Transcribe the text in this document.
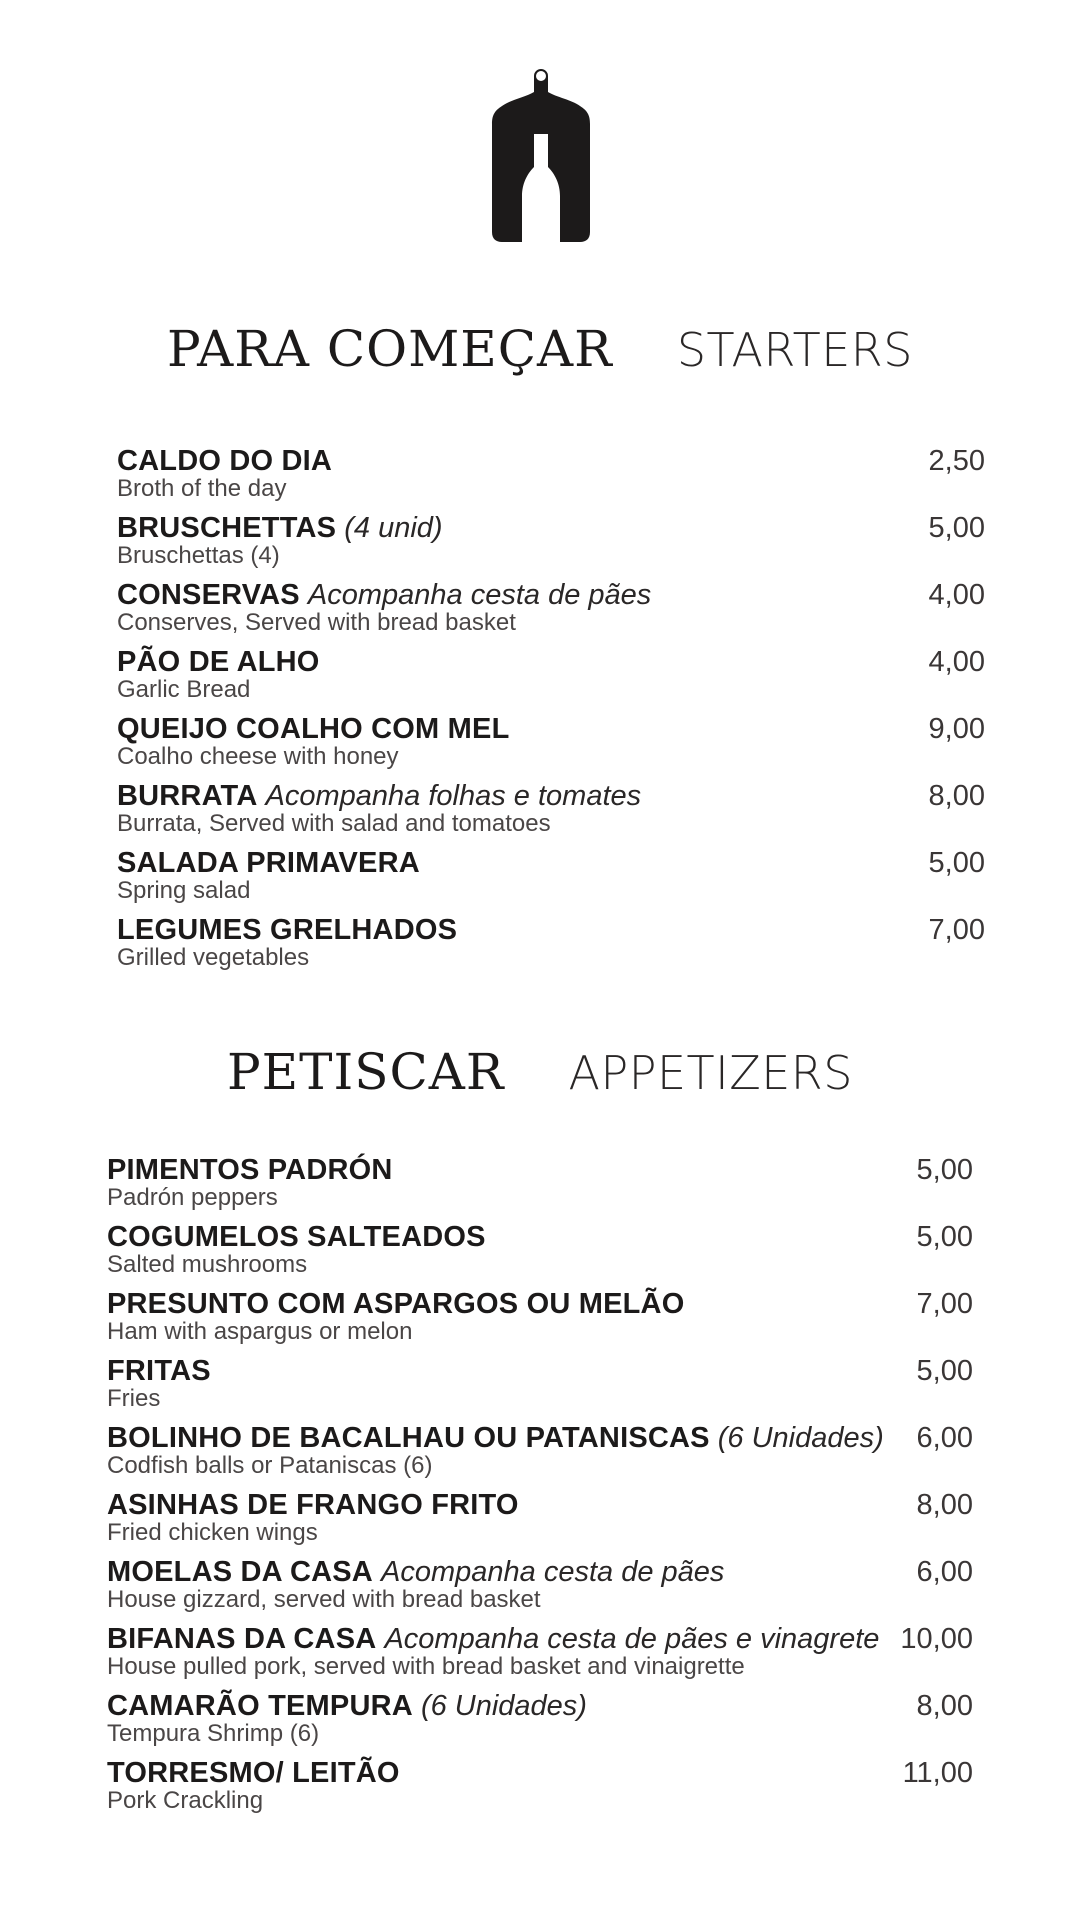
PARA COMEÇAR STARTERS
CALDO DO DIA
Broth of the day
2,50
BRUSCHETTAS (4 unid)
Bruschettas (4)
5,00
CONSERVAS Acompanha cesta de pães
Conserves, Served with bread basket
4,00
PÃO DE ALHO
Garlic Bread
4,00
QUEIJO COALHO COM MEL
Coalho cheese with honey
9,00
BURRATA Acompanha folhas e tomates
Burrata, Served with salad and tomatoes
8,00
SALADA PRIMAVERA
Spring salad
5,00
LEGUMES GRELHADOS
Grilled vegetables
7,00
PETISCAR APPETIZERS
PIMENTOS PADRÓN
Padrón peppers
5,00
COGUMELOS SALTEADOS
Salted mushrooms
5,00
PRESUNTO COM ASPARGOS OU MELÃO
Ham with aspargus or melon
7,00
FRITAS
Fries
5,00
BOLINHO DE BACALHAU OU PATANISCAS (6 Unidades)
Codfish balls or Pataniscas (6)
6,00
ASINHAS DE FRANGO FRITO
Fried chicken wings
8,00
MOELAS DA CASA Acompanha cesta de pães
House gizzard, served with bread basket
6,00
BIFANAS DA CASA Acompanha cesta de pães e vinagrete
House pulled pork, served with bread basket and vinaigrette
10,00
CAMARÃO TEMPURA (6 Unidades)
Tempura Shrimp (6)
8,00
TORRESMO/ LEITÃO
Pork Crackling
11,00
